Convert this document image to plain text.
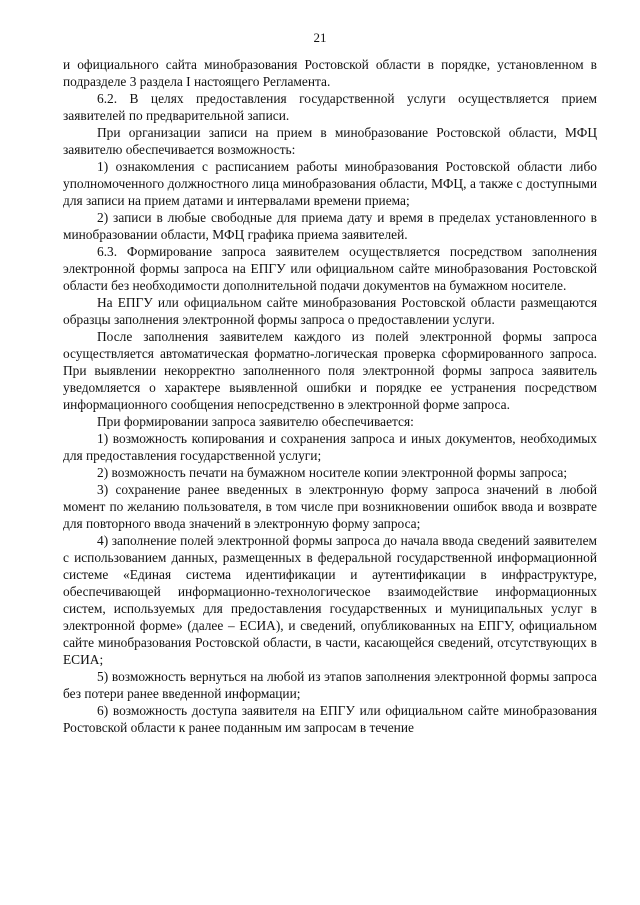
21

и официального сайта минобразования Ростовской области в порядке, установленном в подразделе 3 раздела I настоящего Регламента.

6.2. В целях предоставления государственной услуги осуществляется прием заявителей по предварительной записи.

При организации записи на прием в минобразование Ростовской области, МФЦ заявителю обеспечивается возможность:

1) ознакомления с расписанием работы минобразования Ростовской области либо уполномоченного должностного лица минобразования области, МФЦ, а также с доступными для записи на прием датами и интервалами времени приема;

2) записи в любые свободные для приема дату и время в пределах установленного в минобразовании области, МФЦ графика приема заявителей.

6.3. Формирование запроса заявителем осуществляется посредством заполнения электронной формы запроса на ЕПГУ или официальном сайте минобразования Ростовской области без необходимости дополнительной подачи документов на бумажном носителе.

На ЕПГУ или официальном сайте минобразования Ростовской области размещаются образцы заполнения электронной формы запроса о предоставлении услуги.

После заполнения заявителем каждого из полей электронной формы запроса осуществляется автоматическая форматно-логическая проверка сформированного запроса. При выявлении некорректно заполненного поля электронной формы запроса заявитель уведомляется о характере выявленной ошибки и порядке ее устранения посредством информационного сообщения непосредственно в электронной форме запроса.

При формировании запроса заявителю обеспечивается:

1) возможность копирования и сохранения запроса и иных документов, необходимых для предоставления государственной услуги;

2) возможность печати на бумажном носителе копии электронной формы запроса;

3) сохранение ранее введенных в электронную форму запроса значений в любой момент по желанию пользователя, в том числе при возникновении ошибок ввода и возврате для повторного ввода значений в электронную форму запроса;

4) заполнение полей электронной формы запроса до начала ввода сведений заявителем с использованием данных, размещенных в федеральной государственной информационной системе «Единая система идентификации и аутентификации в инфраструктуре, обеспечивающей информационно-технологическое взаимодействие информационных систем, используемых для предоставления государственных и муниципальных услуг в электронной форме» (далее – ЕСИА), и сведений, опубликованных на ЕПГУ, официальном сайте минобразования Ростовской области, в части, касающейся сведений, отсутствующих в ЕСИА;

5) возможность вернуться на любой из этапов заполнения электронной формы запроса без потери ранее введенной информации;

6) возможность доступа заявителя на ЕПГУ или официальном сайте минобразования Ростовской области к ранее поданным им запросам в течение
